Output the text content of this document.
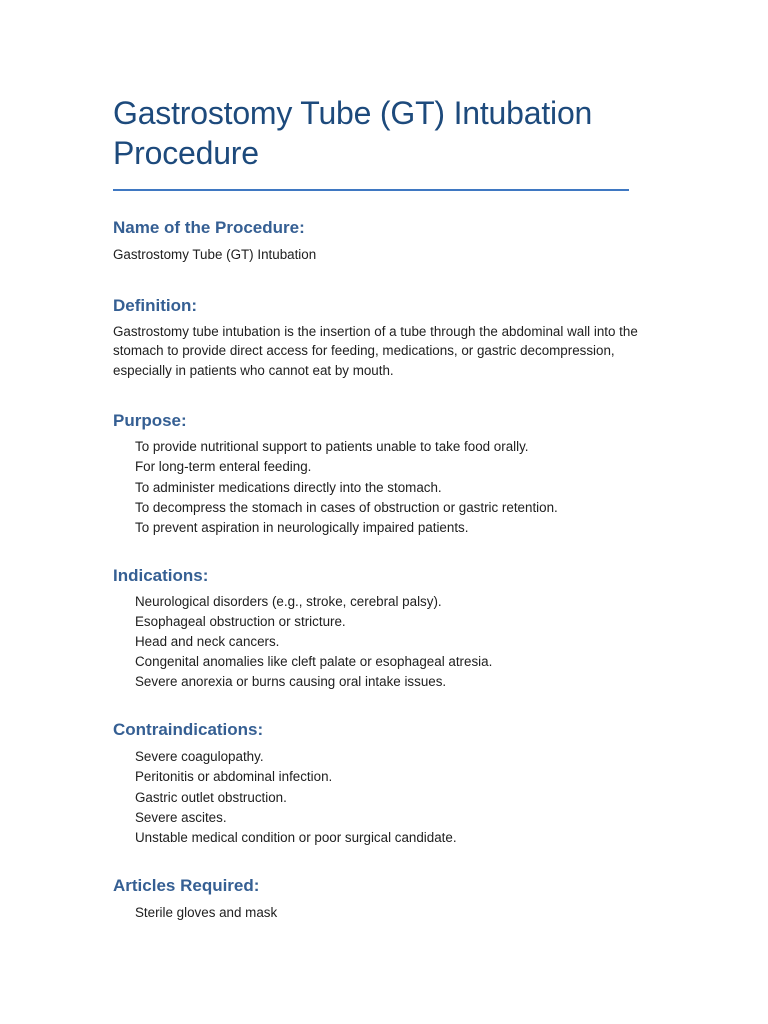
Gastrostomy Tube (GT) Intubation Procedure
Name of the Procedure:

Gastrostomy Tube (GT) Intubation

Definition:

Gastrostomy tube intubation is the insertion of a tube through the abdominal wall into the stomach to provide direct access for feeding, medications, or gastric decompression, especially in patients who cannot eat by mouth.

Purpose:
To provide nutritional support to patients unable to take food orally.
For long-term enteral feeding.
To administer medications directly into the stomach.
To decompress the stomach in cases of obstruction or gastric retention.
To prevent aspiration in neurologically impaired patients.
Indications:
Neurological disorders (e.g., stroke, cerebral palsy).
Esophageal obstruction or stricture.
Head and neck cancers.
Congenital anomalies like cleft palate or esophageal atresia.
Severe anorexia or burns causing oral intake issues.
Contraindications:
Severe coagulopathy.
Peritonitis or abdominal infection.
Gastric outlet obstruction.
Severe ascites.
Unstable medical condition or poor surgical candidate.
Articles Required:
Sterile gloves and mask
